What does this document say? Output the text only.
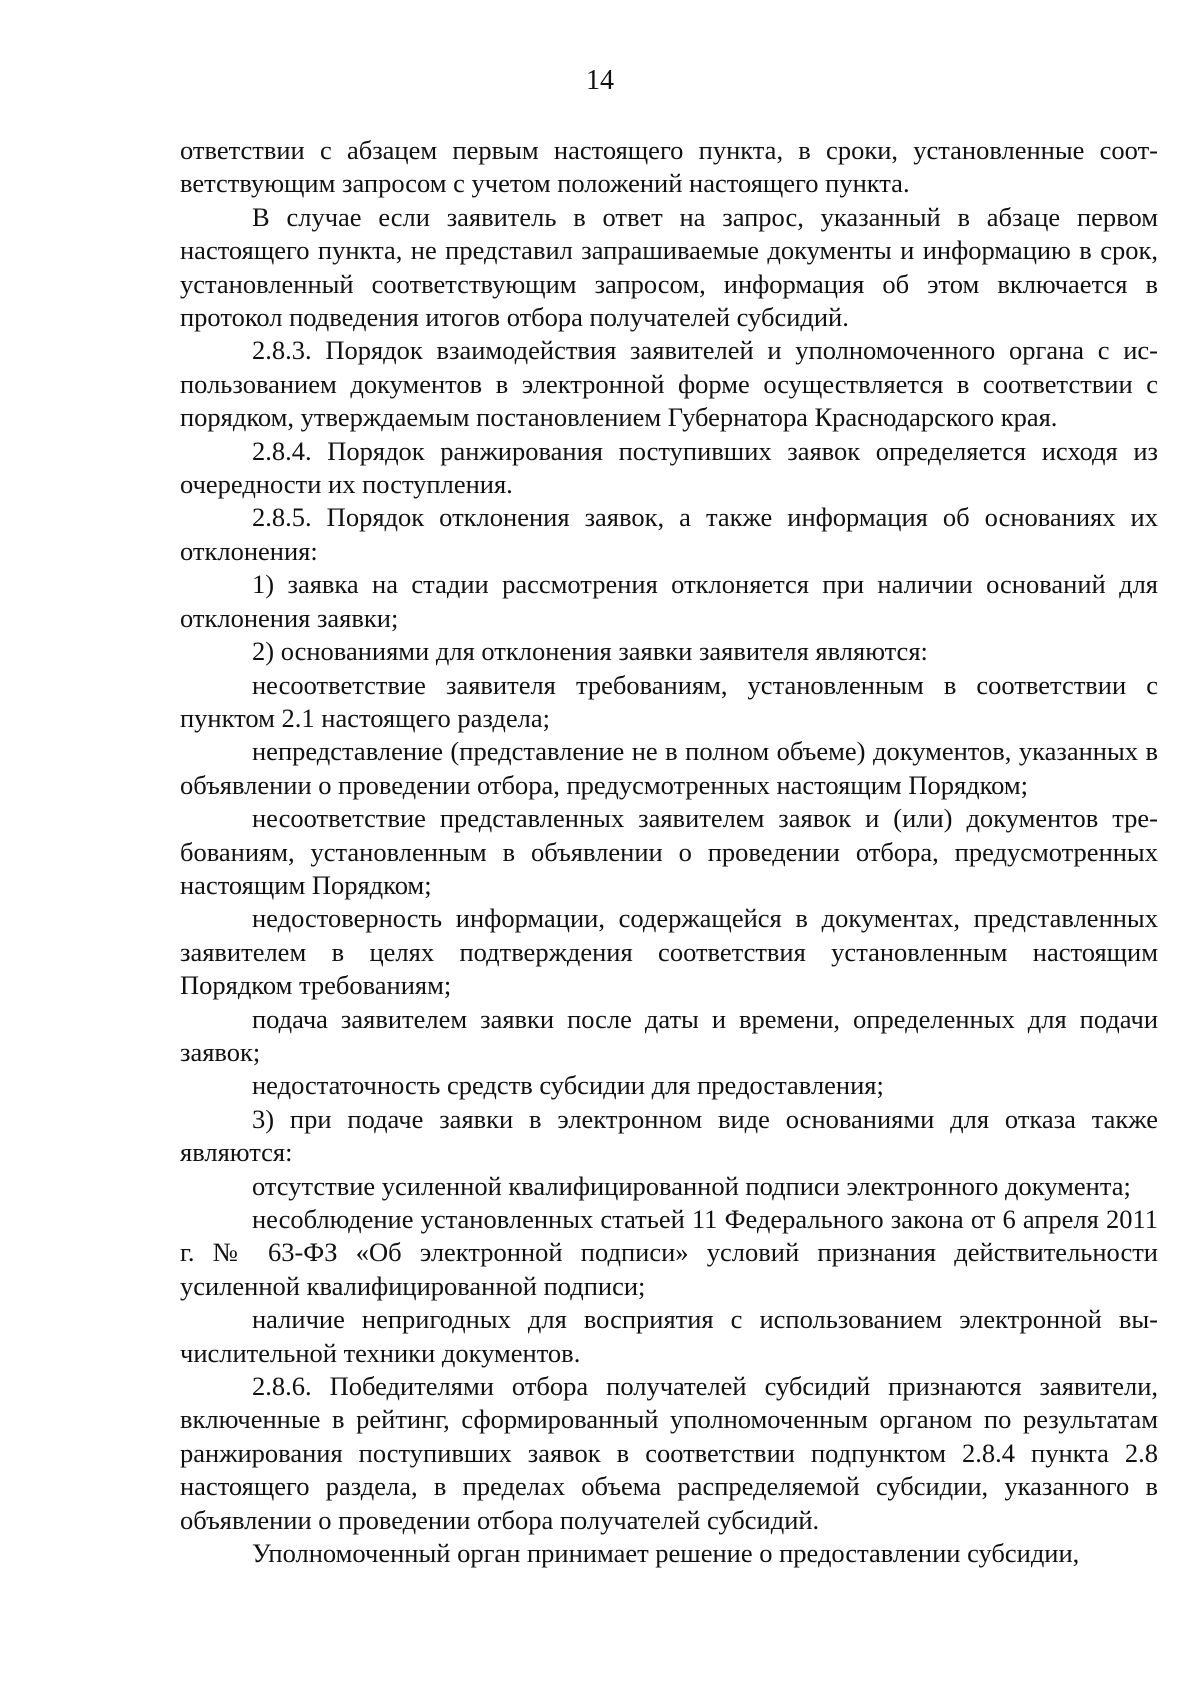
14

ответствии с абзацем первым настоящего пункта, в сроки, установленные соответствующим запросом с учетом положений настоящего пункта.

В случае если заявитель в ответ на запрос, указанный в абзаце первом настоящего пункта, не представил запрашиваемые документы и информацию в срок, установленный соответствующим запросом, информация об этом включается в протокол подведения итогов отбора получателей субсидий.

2.8.3. Порядок взаимодействия заявителей и уполномоченного органа с использованием документов в электронной форме осуществляется в соответствии с порядком, утверждаемым постановлением Губернатора Краснодарского края.

2.8.4. Порядок ранжирования поступивших заявок определяется исходя из очередности их поступления.

2.8.5. Порядок отклонения заявок, а также информация об основаниях их отклонения:

1) заявка на стадии рассмотрения отклоняется при наличии оснований для отклонения заявки;

2) основаниями для отклонения заявки заявителя являются:

несоответствие заявителя требованиям, установленным в соответствии с пунктом 2.1 настоящего раздела;

непредставление (представление не в полном объеме) документов, указанных в объявлении о проведении отбора, предусмотренных настоящим Порядком;

несоответствие представленных заявителем заявок и (или) документов требованиям, установленным в объявлении о проведении отбора, предусмотренных настоящим Порядком;

недостоверность информации, содержащейся в документах, представленных заявителем в целях подтверждения соответствия установленным настоящим Порядком требованиям;

подача заявителем заявки после даты и времени, определенных для подачи заявок;

недостаточность средств субсидии для предоставления;

3) при подаче заявки в электронном виде основаниями для отказа также являются:

отсутствие усиленной квалифицированной подписи электронного документа;

несоблюдение установленных статьей 11 Федерального закона от 6 апреля 2011 г. № 63-ФЗ «Об электронной подписи» условий признания действительности усиленной квалифицированной подписи;

наличие непригодных для восприятия с использованием электронной вычислительной техники документов.

2.8.6. Победителями отбора получателей субсидий признаются заявители, включенные в рейтинг, сформированный уполномоченным органом по результатам ранжирования поступивших заявок в соответствии подпунктом 2.8.4 пункта 2.8 настоящего раздела, в пределах объема распределяемой субсидии, указанного в объявлении о проведении отбора получателей субсидий.

Уполномоченный орган принимает решение о предоставлении субсидии,
